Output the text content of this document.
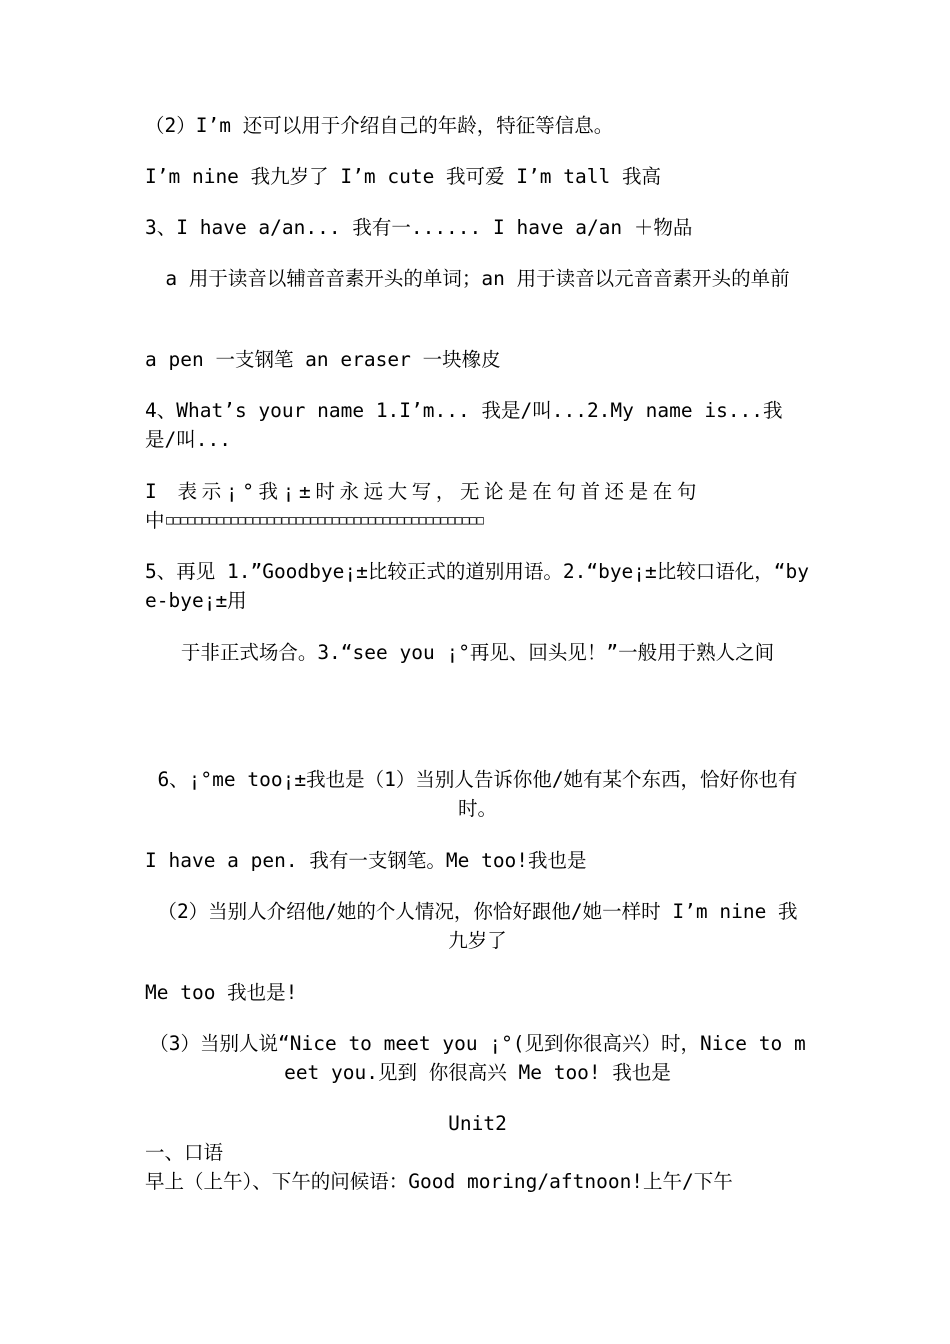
（2）I’m 还可以用于介绍自己的年龄，特征等信息。

I’m nine 我九岁了 I’m cute 我可爱 I’m tall 我高

3、I have a/an... 我有一...... I have a/an ＋物品

a 用于读音以辅音音素开头的单词；an 用于读音以元音音素开头的单前

a pen 一支钢笔 an eraser 一块橡皮

4、What’s your name 1.I’m... 我是/叫...2.My name is...我是/叫...

I 表示¡°我¡±时永远大写，无论是在句首还是在句

中 □□□□□□□□□□□□□□□□□□□□□□□□□□□□□□□□□□□□□□□□□□□□

5、再见 1.”Goodbye¡±比较正式的道别用语。2.“bye¡±比较口语化，“bye-bye¡±用

于非正式场合。3.“see you ¡°再见、回头见！”一般用于熟人之间

6、¡°me too¡±我也是（1）当别人告诉你他/她有某个东西，恰好你也有时。

I have a pen. 我有一支钢笔。Me too!我也是

（2）当别人介绍他/她的个人情况，你恰好跟他/她一样时 I’m nine 我 九岁了

Me too 我也是!

（3）当别人说“Nice to meet you ¡°(见到你很高兴）时，Nice to meet you.见到 你很高兴 Me too! 我也是

Unit2

一、口语

早上（上午）、下午的问候语：Good moring/aftnoon!上午/下午
